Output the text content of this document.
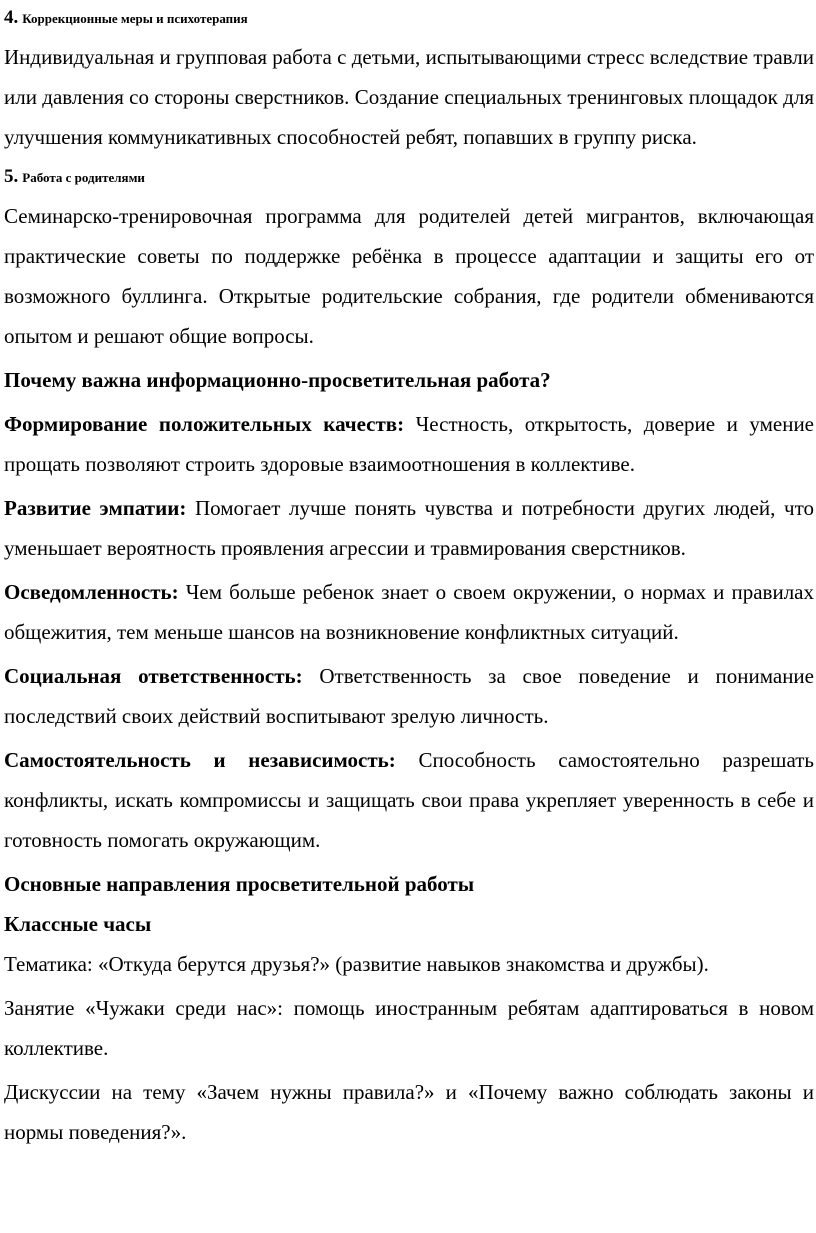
4. Коррекционные меры и психотерапия

Индивидуальная и групповая работа с детьми, испытывающими стресс вследствие травли или давления со стороны сверстников. Создание специальных тренинговых площадок для улучшения коммуникативных способностей ребят, попавших в группу риска.

5. Работа с родителями

Семинарско-тренировочная программа для родителей детей мигрантов, включающая практические советы по поддержке ребёнка в процессе адаптации и защиты его от возможного буллинга. Открытые родительские собрания, где родители обмениваются опытом и решают общие вопросы.

Почему важна информационно-просветительная работа?

Формирование положительных качеств: Честность, открытость, доверие и умение прощать позволяют строить здоровые взаимоотношения в коллективе.

Развитие эмпатии: Помогает лучше понять чувства и потребности других людей, что уменьшает вероятность проявления агрессии и травмирования сверстников.

Осведомленность: Чем больше ребенок знает о своем окружении, о нормах и правилах общежития, тем меньше шансов на возникновение конфликтных ситуаций.

Социальная ответственность: Ответственность за свое поведение и понимание последствий своих действий воспитывают зрелую личность.

Самостоятельность и независимость: Способность самостоятельно разрешать конфликты, искать компромиссы и защищать свои права укрепляет уверенность в себе и готовность помогать окружающим.

Основные направления просветительной работы

Классные часы

Тематика: «Откуда берутся друзья?» (развитие навыков знакомства и дружбы).

Занятие «Чужаки среди нас»: помощь иностранным ребятам адаптироваться в новом коллективе.

Дискуссии на тему «Зачем нужны правила?» и «Почему важно соблюдать законы и нормы поведения?».
